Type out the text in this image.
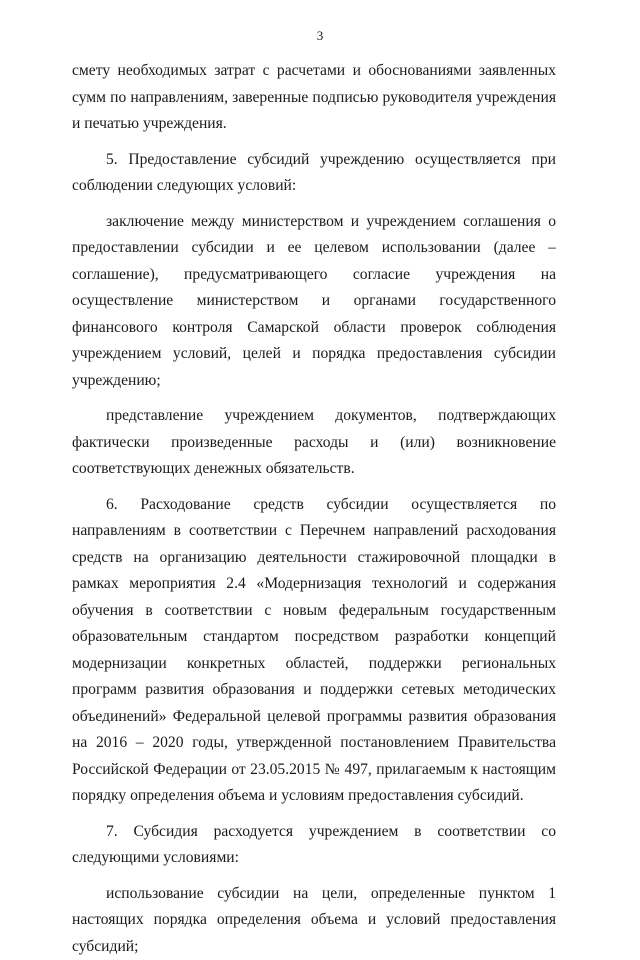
3

смету необходимых затрат с расчетами и обоснованиями заявленных сумм по направлениям, заверенные подписью руководителя учреждения и печатью учреждения.

5. Предоставление субсидий учреждению осуществляется при соблюдении следующих условий:

заключение между министерством и учреждением соглашения о предоставлении субсидии и ее целевом использовании (далее – соглашение), предусматривающего согласие учреждения на осуществление министерством и органами государственного финансового контроля Самарской области проверок соблюдения учреждением условий, целей и порядка предоставления субсидии учреждению;

представление учреждением документов, подтверждающих фактически произведенные расходы и (или) возникновение соответствующих денежных обязательств.

6. Расходование средств субсидии осуществляется по направлениям в соответствии с Перечнем направлений расходования средств на организацию деятельности стажировочной площадки в рамках мероприятия 2.4 «Модернизация технологий и содержания обучения в соответствии с новым федеральным государственным образовательным стандартом посредством разработки концепций модернизации конкретных областей, поддержки региональных программ развития образования и поддержки сетевых методических объединений» Федеральной целевой программы развития образования на 2016 – 2020 годы, утвержденной постановлением Правительства Российской Федерации от 23.05.2015 № 497, прилагаемым к настоящим порядку определения объема и условиям предоставления субсидий.

7. Субсидия расходуется учреждением в соответствии со следующими условиями:

использование субсидии на цели, определенные пунктом 1 настоящих порядка определения объема и условий предоставления субсидий;
